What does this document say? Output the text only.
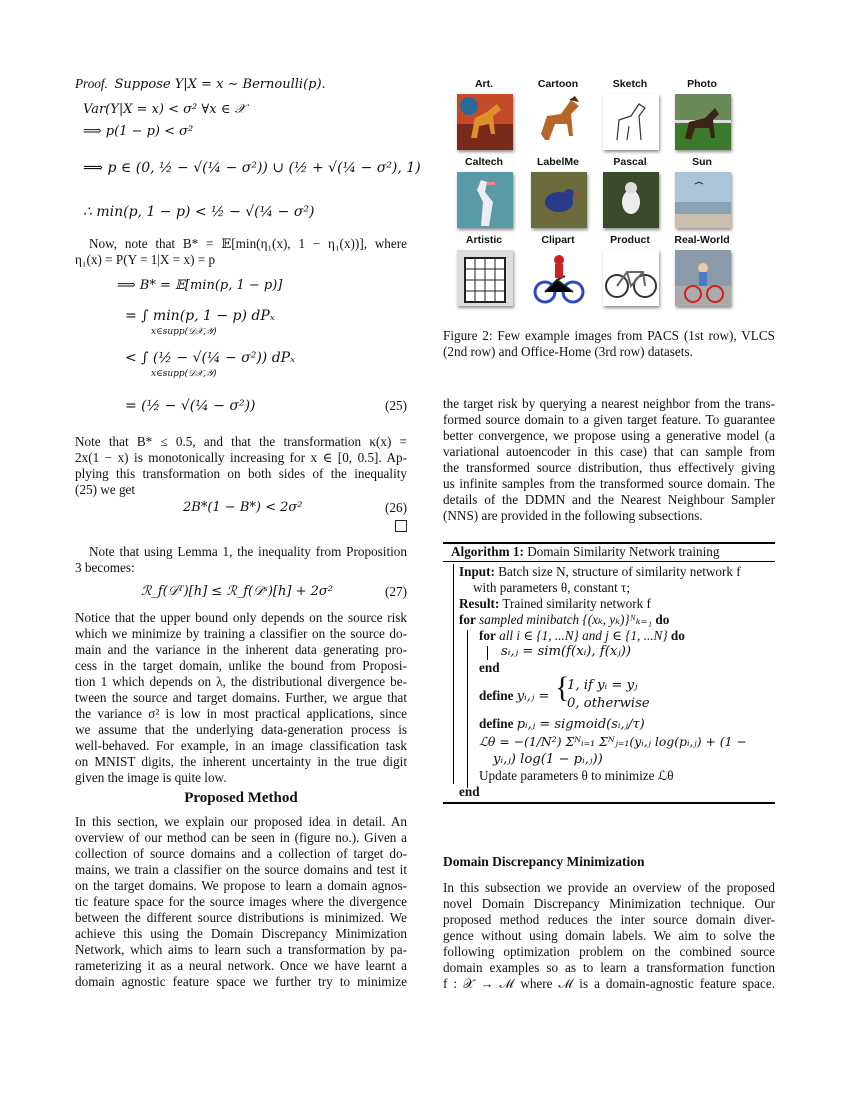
Proof. Suppose Y|X = x ∼ Bernoulli(p).
Var(Y|X = x) < σ² ∀x ∈ 𝒳
⟹ p(1 − p) < σ²
⟹ p ∈ (0, ½ − √(¼ − σ²)) ∪ (½ + √(¼ − σ²), 1)
∴ min(p, 1 − p) < ½ − √(¼ − σ²)
Now, note that B* = 𝔼[min(η₁(x), 1 − η₁(x))], where
η₁(x) = P(Y = 1|X = x) = p
⟹ B* = 𝔼[min(p, 1 − p)]
= ∫ min(p, 1 − p) dPₓ
x∈supp(𝒟𝒳,𝒴)
< ∫ (½ − √(¼ − σ²)) dPₓ
x∈supp(𝒟𝒳,𝒴)
= (½ − √(¼ − σ²))	(25)
Note that B* ≤ 0.5, and that the transformation κ(x) =
2x(1 − x) is monotonically increasing for x ∈ [0, 0.5]. Ap-
plying this transformation on both sides of the inequality
(25) we get
2B*(1 − B*) < 2σ²	(26)
Note that using Lemma 1, the inequality from Proposition
3 becomes:
ℛ_f(𝒟ᵀ)[h] ≤ ℛ_f(𝒟ˢ)[h] + 2σ²	(27)
Notice that the upper bound only depends on the source risk
which we minimize by training a classifier on the source do-
main and the variance in the inherent data generating pro-
cess in the target domain, unlike the bound from Proposi-
tion 1 which depends on λ, the distributional divergence be-
tween the source and target domains. Further, we argue that
the variance σ² is low in most practical applications, since
we assume that the underlying data-generation process is
well-behaved. For example, in an image classification task
on MNIST digits, the inherent uncertainty in the true digit
given the image is quite low.
Proposed Method
In this section, we explain our proposed idea in detail. An
overview of our method can be seen in (figure no.). Given a
collection of source domains and a collection of target do-
mains, we train a classifier on the source domains and test it
on the target domains. We propose to learn a domain agnos-
tic feature space for the source images where the divergence
between the different source distributions is minimized. We
achieve this using the Domain Discrepancy Minimization
Network, which aims to learn such a transformation by pa-
rameterizing it as a neural network. Once we have learnt a
domain agnostic feature space we further try to minimize
Art.	Cartoon	Sketch	Photo
Caltech	LabelMe	Pascal	Sun
Artistic	Clipart	Product	Real-World
Figure 2: Few example images from PACS (1st row), VLCS
(2nd row) and Office-Home (3rd row) datasets.
the target risk by querying a nearest neighbor from the trans-
formed source domain to a given target feature. To guarantee
better convergence, we propose using a generative model (a
variational autoencoder in this case) that can sample from
the transformed source distribution, thus effectively giving
us infinite samples from the transformed source domain. The
details of the DDMN and the Nearest Neighbour Sampler
(NNS) are provided in the following subsections.
Algorithm 1: Domain Similarity Network training
Input: Batch size N, structure of similarity network f
with parameters θ, constant τ;
Result: Trained similarity network f
for sampled minibatch {(xₖ, yₖ)}ᴺₖ₌₁ do
for all i ∈ {1, ...N} and j ∈ {1, ...N} do
sᵢ,ⱼ = sim(f(xᵢ), f(xⱼ))
end
define yᵢ,ⱼ = {
1, if yᵢ = yⱼ
0, otherwise
define pᵢ,ⱼ = sigmoid(sᵢ,ⱼ/τ)
ℒθ = −(1/N²) Σᴺᵢ₌₁ Σᴺⱼ₌₁(yᵢ,ⱼ log(pᵢ,ⱼ) + (1 −
yᵢ,ⱼ) log(1 − pᵢ,ⱼ))
Update parameters θ to minimize ℒθ
end
Domain Discrepancy Minimization
In this subsection we provide an overview of the proposed
novel Domain Discrepancy Minimization technique. Our
proposed method reduces the inter source domain diver-
gence without using domain labels. We aim to solve the
following optimization problem on the combined source
domain examples so as to learn a transformation function
f : 𝒳 → ℳ where ℳ is a domain-agnostic feature space.
